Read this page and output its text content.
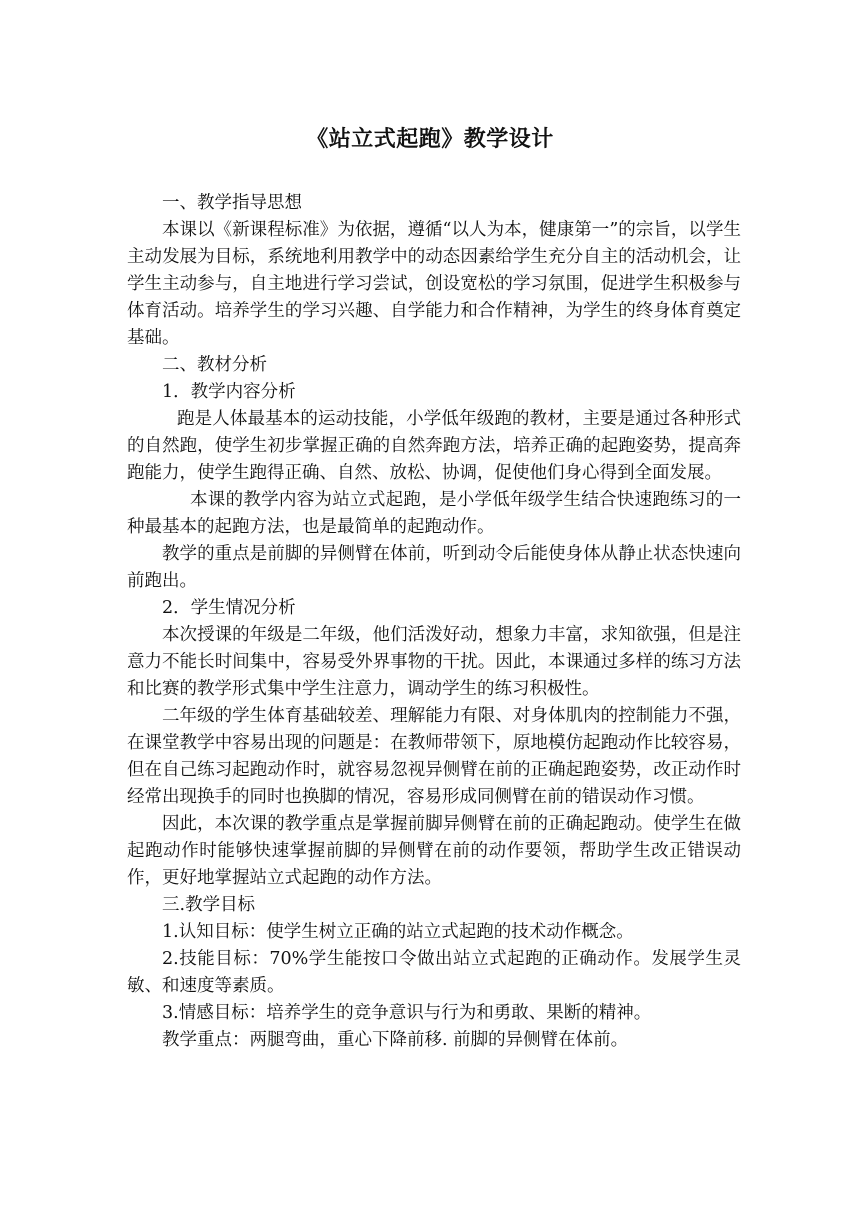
《站立式起跑》教学设计

一、教学指导思想

本课以《新课程标准》为依据，遵循“以人为本，健康第一”的宗旨，以学生主动发展为目标，系统地利用教学中的动态因素给学生充分自主的活动机会，让学生主动参与，自主地进行学习尝试，创设宽松的学习氛围，促进学生积极参与体育活动。培养学生的学习兴趣、自学能力和合作精神，为学生的终身体育奠定基础。

二、教材分析

1．教学内容分析

跑是人体最基本的运动技能，小学低年级跑的教材，主要是通过各种形式的自然跑，使学生初步掌握正确的自然奔跑方法，培养正确的起跑姿势，提高奔跑能力，使学生跑得正确、自然、放松、协调，促使他们身心得到全面发展。

本课的教学内容为站立式起跑，是小学低年级学生结合快速跑练习的一种最基本的起跑方法，也是最简单的起跑动作。

教学的重点是前脚的异侧臂在体前，听到动令后能使身体从静止状态快速向前跑出。

2．学生情况分析

本次授课的年级是二年级，他们活泼好动，想象力丰富，求知欲强，但是注意力不能长时间集中，容易受外界事物的干扰。因此，本课通过多样的练习方法和比赛的教学形式集中学生注意力，调动学生的练习积极性。

二年级的学生体育基础较差、理解能力有限、对身体肌肉的控制能力不强，在课堂教学中容易出现的问题是：在教师带领下，原地模仿起跑动作比较容易，但在自己练习起跑动作时，就容易忽视异侧臂在前的正确起跑姿势，改正动作时经常出现换手的同时也换脚的情况，容易形成同侧臂在前的错误动作习惯。

因此，本次课的教学重点是掌握前脚异侧臂在前的正确起跑动。使学生在做起跑动作时能够快速掌握前脚的异侧臂在前的动作要领，帮助学生改正错误动作，更好地掌握站立式起跑的动作方法。

三.教学目标

1.认知目标：使学生树立正确的站立式起跑的技术动作概念。

2.技能目标：70%学生能按口令做出站立式起跑的正确动作。发展学生灵敏、和速度等素质。

3.情感目标：培养学生的竞争意识与行为和勇敢、果断的精神。

教学重点：两腿弯曲，重心下降前移. 前脚的异侧臂在体前。
